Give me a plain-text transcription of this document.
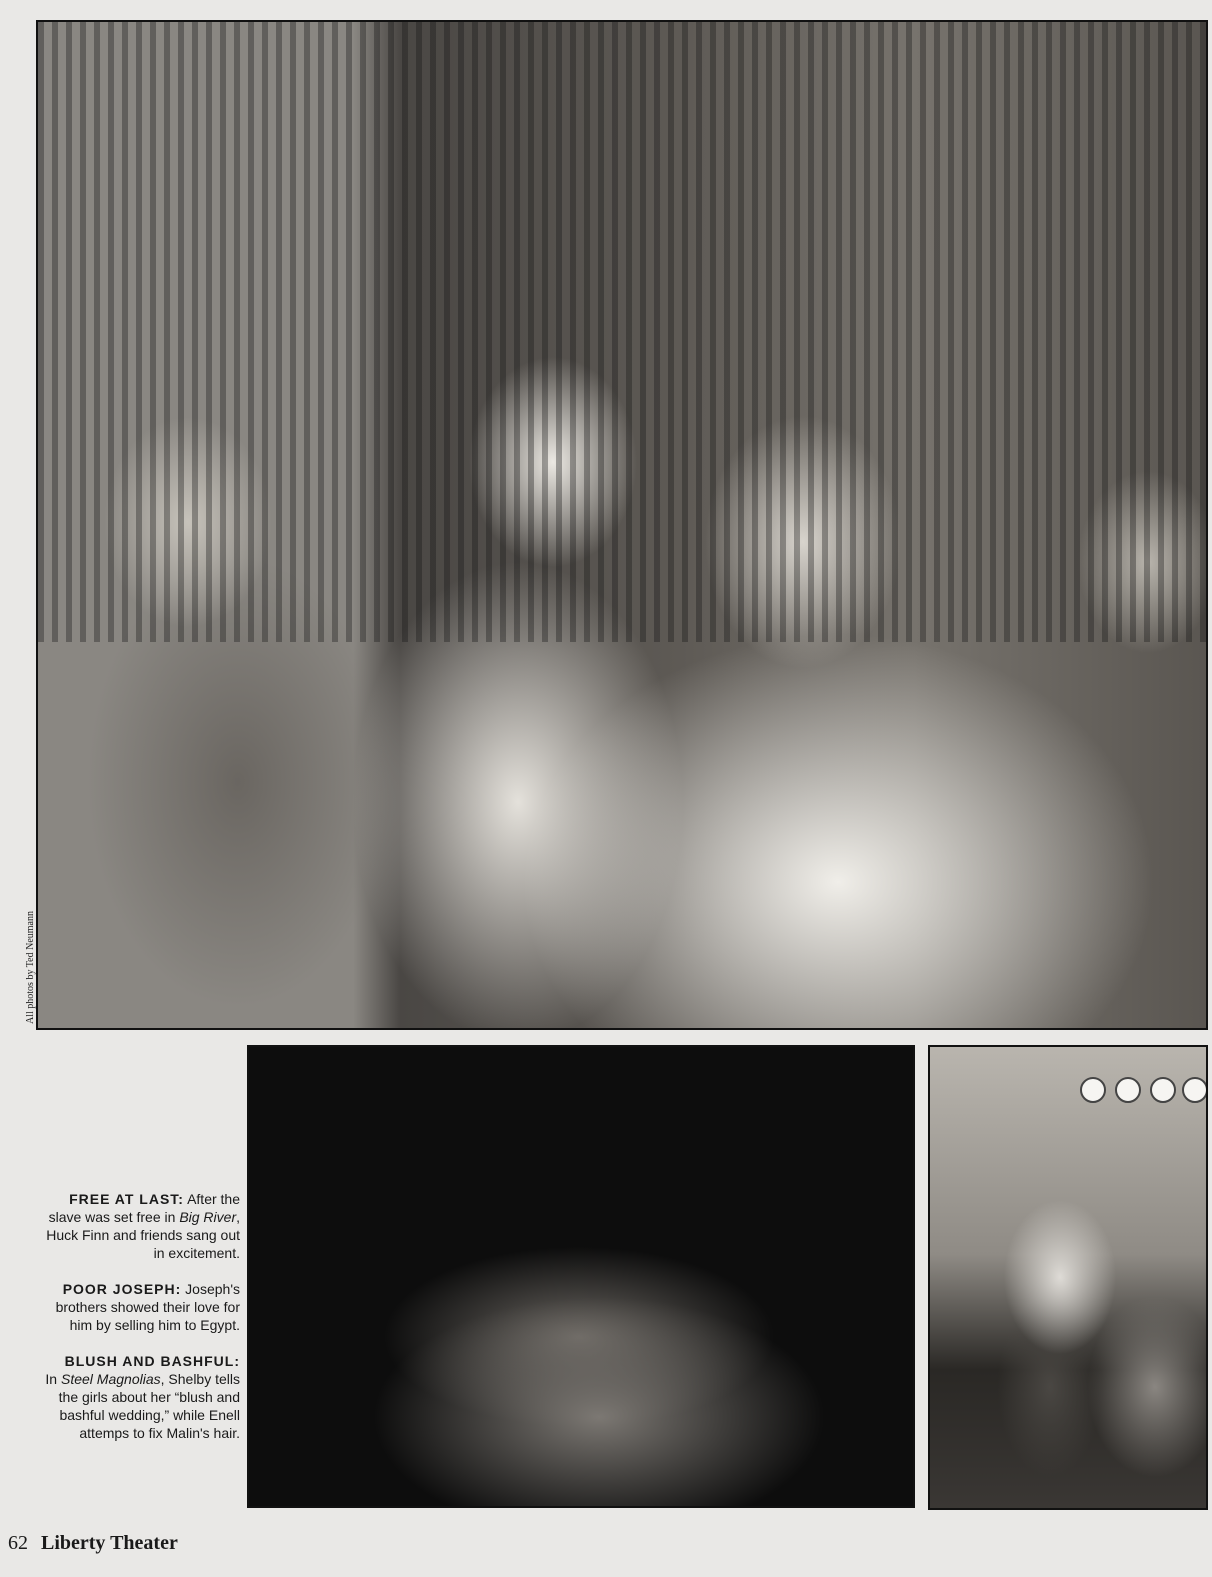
All photos by Ted Neumann

FREE AT LAST: After the slave was set free in Big River, Huck Finn and friends sang out in excitement.

POOR JOSEPH: Joseph's brothers showed their love for him by selling him to Egypt.

BLUSH AND BASHFUL:
In Steel Magnolias, Shelby tells the girls about her “blush and bashful wedding,” while Enell attemps to fix Malin's hair.

62 Liberty Theater
